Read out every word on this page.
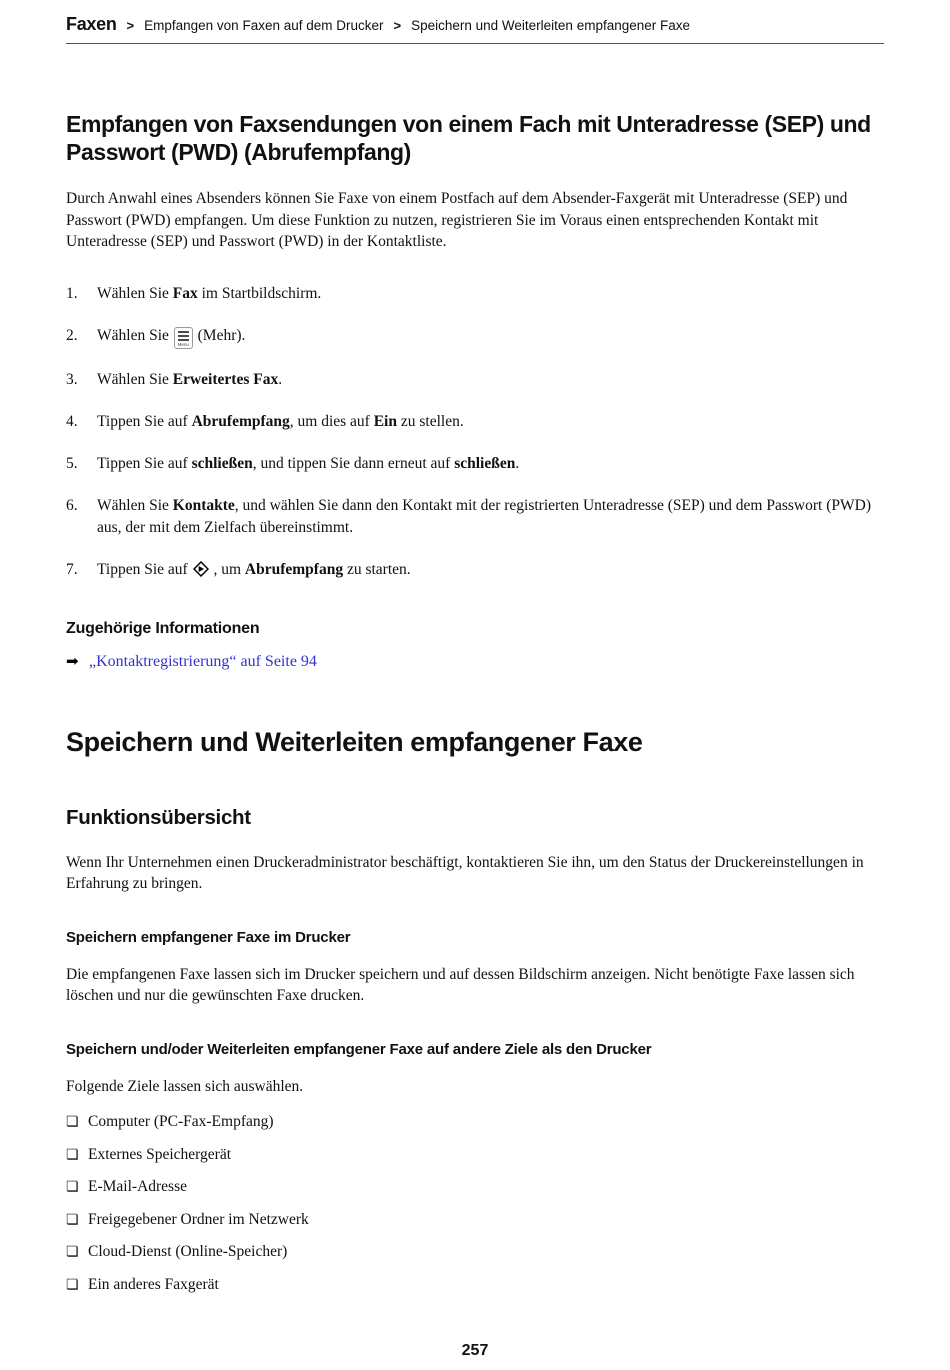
Faxen > Empfangen von Faxen auf dem Drucker > Speichern und Weiterleiten empfangener Faxe
Empfangen von Faxsendungen von einem Fach mit Unteradresse (SEP) und Passwort (PWD) (Abrufempfang)

Durch Anwahl eines Absenders können Sie Faxe von einem Postfach auf dem Absender-Faxgerät mit Unteradresse (SEP) und Passwort (PWD) empfangen. Um diese Funktion zu nutzen, registrieren Sie im Voraus einen entsprechenden Kontakt mit Unteradresse (SEP) und Passwort (PWD) in der Kontaktliste.

1.	Wählen Sie Fax im Startbildschirm.
2.	Wählen Sie
Menu
(Mehr).
3.	Wählen Sie Erweitertes Fax.
4.	Tippen Sie auf Abrufempfang, um dies auf Ein zu stellen.
5.	Tippen Sie auf schließen, und tippen Sie dann erneut auf schließen.
6.	Wählen Sie Kontakte, und wählen Sie dann den Kontakt mit der registrierten Unteradresse (SEP) und dem Passwort (PWD) aus, der mit dem Zielfach übereinstimmt.
7.	Tippen Sie auf  , um Abrufempfang zu starten.
Zugehörige Informationen
➡ „Kontaktregistrierung“ auf Seite 94
Speichern und Weiterleiten empfangener Faxe
Funktionsübersicht

Wenn Ihr Unternehmen einen Druckeradministrator beschäftigt, kontaktieren Sie ihn, um den Status der Druckereinstellungen in Erfahrung zu bringen.

Speichern empfangener Faxe im Drucker

Die empfangenen Faxe lassen sich im Drucker speichern und auf dessen Bildschirm anzeigen. Nicht benötigte Faxe lassen sich löschen und nur die gewünschten Faxe drucken.

Speichern und/oder Weiterleiten empfangener Faxe auf andere Ziele als den Drucker

Folgende Ziele lassen sich auswählen.

❏ Computer (PC-Fax-Empfang)
❏ Externes Speichergerät
❏ E-Mail-Adresse
❏ Freigegebener Ordner im Netzwerk
❏ Cloud-Dienst (Online-Speicher)
❏ Ein anderes Faxgerät
257
